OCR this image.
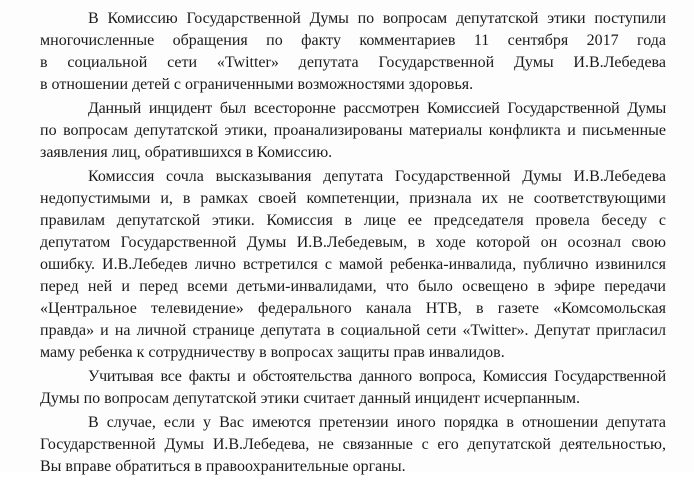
В Комиссию Государственной Думы по вопросам депутатской этики поступили
многочисленные обращения по факту комментариев 11 сентября 2017 года
в социальной сети «Twitter» депутата Государственной Думы И.В.Лебедева
в отношении детей с ограниченными возможностями здоровья.
Данный инцидент был всесторонне рассмотрен Комиссией Государственной Думы
по вопросам депутатской этики, проанализированы материалы конфликта и письменные
заявления лиц, обратившихся в Комиссию.
Комиссия сочла высказывания депутата Государственной Думы И.В.Лебедева
недопустимыми и, в рамках своей компетенции, признала их не соответствующими
правилам депутатской этики. Комиссия в лице ее председателя провела беседу с
депутатом Государственной Думы И.В.Лебедевым, в ходе которой он осознал свою
ошибку. И.В.Лебедев лично встретился с мамой ребенка-инвалида, публично извинился
перед ней и перед всеми детьми-инвалидами, что было освещено в эфире передачи
«Центральное телевидение» федерального канала НТВ, в газете «Комсомольская
правда» и на личной странице депутата в социальной сети «Twitter». Депутат пригласил
маму ребенка к сотрудничеству в вопросах защиты прав инвалидов.
Учитывая все факты и обстоятельства данного вопроса, Комиссия Государственной
Думы по вопросам депутатской этики считает данный инцидент исчерпанным.
В случае, если у Вас имеются претензии иного порядка в отношении депутата
Государственной Думы И.В.Лебедева, не связанные с его депутатской деятельностью,
Вы вправе обратиться в правоохранительные органы.
